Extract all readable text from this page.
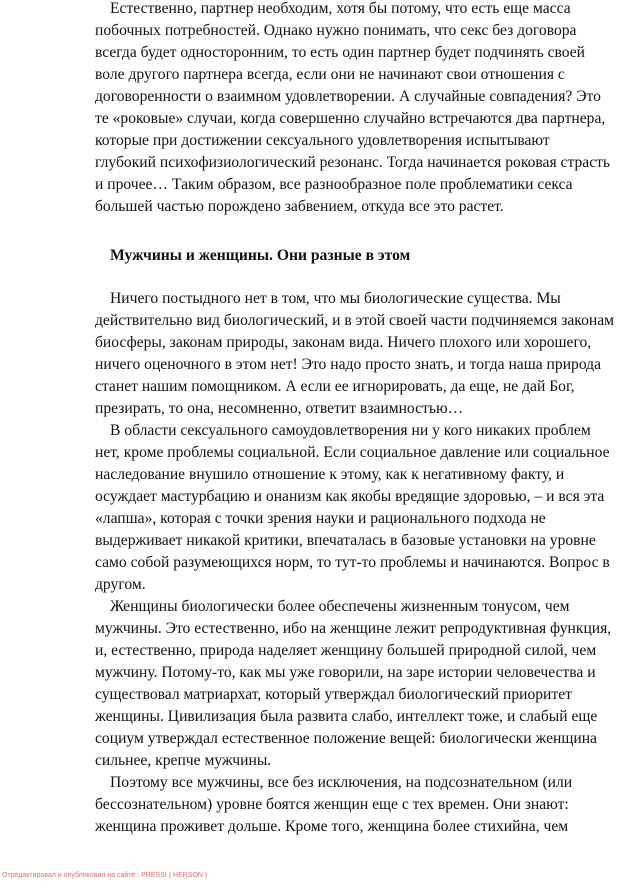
Естественно, партнер необходим, хотя бы потому, что есть еще масса

побочных потребностей. Однако нужно понимать, что секс без договора

всегда будет односторонним, то есть один партнер будет подчинять своей

воле другого партнера всегда, если они не начинают свои отношения с

договоренности о взаимном удовлетворении. А случайные совпадения? Это

те «роковые» случаи, когда совершенно случайно встречаются два партнера,

которые при достижении сексуального удовлетворения испытывают

глубокий психофизиологический резонанс. Тогда начинается роковая страсть

и прочее… Таким образом, все разнообразное поле проблематики секса

большей частью порождено забвением, откуда все это растет.

Мужчины и женщины. Они разные в этом

Ничего постыдного нет в том, что мы биологические существа. Мы

действительно вид биологический, и в этой своей части подчиняемся законам

биосферы, законам природы, законам вида. Ничего плохого или хорошего,

ничего оценочного в этом нет! Это надо просто знать, и тогда наша природа

станет нашим помощником. А если ее игнорировать, да еще, не дай Бог,

презирать, то она, несомненно, ответит взаимностью…

В области сексуального самоудовлетворения ни у кого никаких проблем

нет, кроме проблемы социальной. Если социальное давление или социальное

наследование внушило отношение к этому, как к негативному факту, и

осуждает мастурбацию и онанизм как якобы вредящие здоровью, – и вся эта

«лапша», которая с точки зрения науки и рационального подхода не

выдерживает никакой критики, впечаталась в базовые установки на уровне

само собой разумеющихся норм, то тут-то проблемы и начинаются. Вопрос в

другом.

Женщины биологически более обеспечены жизненным тонусом, чем

мужчины. Это естественно, ибо на женщине лежит репродуктивная функция,

и, естественно, природа наделяет женщину большей природной силой, чем

мужчину. Потому-то, как мы уже говорили, на заре истории человечества и

существовал матриархат, который утверждал биологический приоритет

женщины. Цивилизация была развита слабо, интеллект тоже, и слабый еще

социум утверждал естественное положение вещей: биологически женщина

сильнее, крепче мужчины.

Поэтому все мужчины, все без исключения, на подсознательном (или

бессознательном) уровне боятся женщин еще с тех времен. Они знают:

женщина проживет дольше. Кроме того, женщина более стихийна, чем

Отредактировал и опубликовал на сайте : PRESSI ( HERSON )
